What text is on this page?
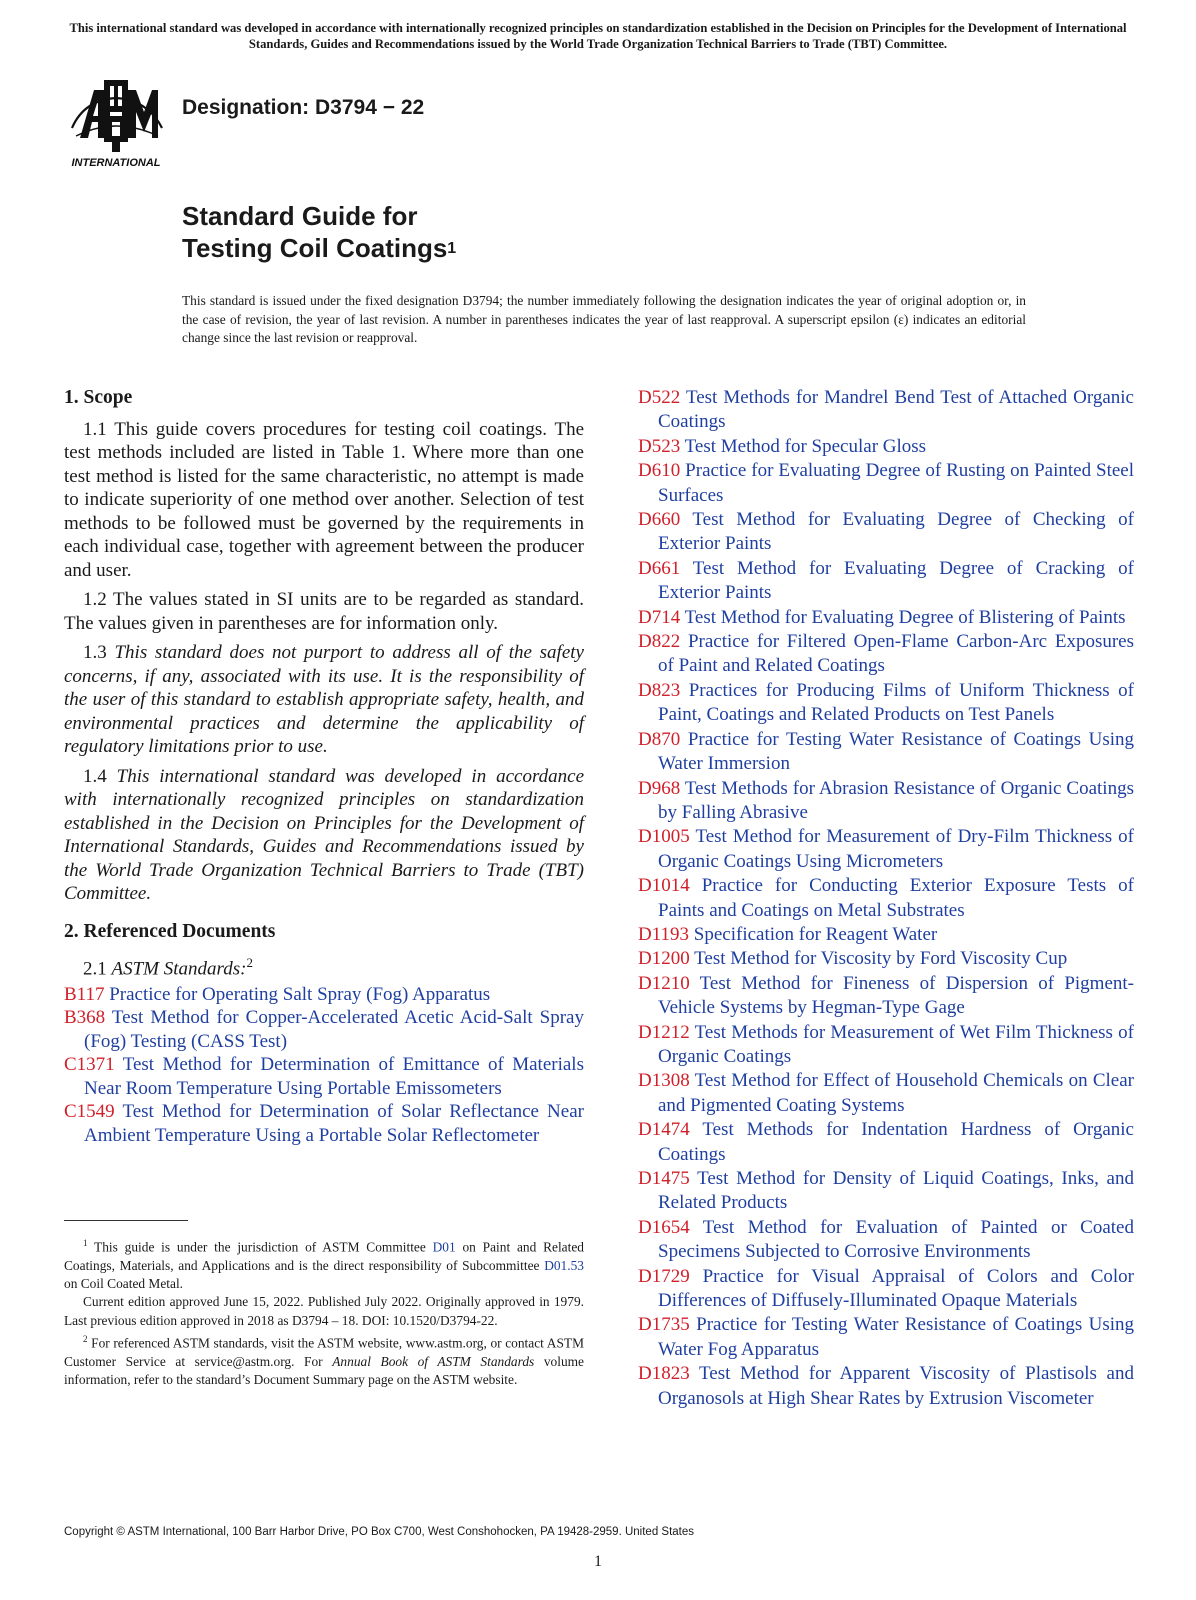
This international standard was developed in accordance with internationally recognized principles on standardization established in the Decision on Principles for the Development of International Standards, Guides and Recommendations issued by the World Trade Organization Technical Barriers to Trade (TBT) Committee.
INTERNATIONAL
Designation: D3794 − 22
Standard Guide for
Testing Coil Coatings$^1$
This standard is issued under the fixed designation D3794; the number immediately following the designation indicates the year of original adoption or, in the case of revision, the year of last revision. A number in parentheses indicates the year of last reapproval. A superscript epsilon (ε) indicates an editorial change since the last revision or reapproval.
1. Scope

1.1 This guide covers procedures for testing coil coatings. The test methods included are listed in Table 1. Where more than one test method is listed for the same characteristic, no attempt is made to indicate superiority of one method over another. Selection of test methods to be followed must be governed by the requirements in each individual case, together with agreement between the producer and user.

1.2 The values stated in SI units are to be regarded as standard. The values given in parentheses are for information only.

1.3 This standard does not purport to address all of the safety concerns, if any, associated with its use. It is the responsibility of the user of this standard to establish appropriate safety, health, and environmental practices and determine the applicability of regulatory limitations prior to use.

1.4 This international standard was developed in accordance with internationally recognized principles on standardization established in the Decision on Principles for the Development of International Standards, Guides and Recommendations issued by the World Trade Organization Technical Barriers to Trade (TBT) Committee.

2. Referenced Documents
2.1 ASTM Standards:$^2$

B117 Practice for Operating Salt Spray (Fog) Apparatus

B368 Test Method for Copper-Accelerated Acetic Acid-Salt Spray (Fog) Testing (CASS Test)

C1371 Test Method for Determination of Emittance of Materials Near Room Temperature Using Portable Emissometers

C1549 Test Method for Determination of Solar Reflectance Near Ambient Temperature Using a Portable Solar Reflectometer

D522 Test Methods for Mandrel Bend Test of Attached Organic Coatings

D523 Test Method for Specular Gloss

D610 Practice for Evaluating Degree of Rusting on Painted Steel Surfaces

D660 Test Method for Evaluating Degree of Checking of Exterior Paints

D661 Test Method for Evaluating Degree of Cracking of Exterior Paints

D714 Test Method for Evaluating Degree of Blistering of Paints

D822 Practice for Filtered Open-Flame Carbon-Arc Exposures of Paint and Related Coatings

D823 Practices for Producing Films of Uniform Thickness of Paint, Coatings and Related Products on Test Panels

D870 Practice for Testing Water Resistance of Coatings Using Water Immersion

D968 Test Methods for Abrasion Resistance of Organic Coatings by Falling Abrasive

D1005 Test Method for Measurement of Dry-Film Thickness of Organic Coatings Using Micrometers

D1014 Practice for Conducting Exterior Exposure Tests of Paints and Coatings on Metal Substrates

D1193 Specification for Reagent Water

D1200 Test Method for Viscosity by Ford Viscosity Cup

D1210 Test Method for Fineness of Dispersion of Pigment-Vehicle Systems by Hegman-Type Gage

D1212 Test Methods for Measurement of Wet Film Thickness of Organic Coatings

D1308 Test Method for Effect of Household Chemicals on Clear and Pigmented Coating Systems

D1474 Test Methods for Indentation Hardness of Organic Coatings

D1475 Test Method for Density of Liquid Coatings, Inks, and Related Products

D1654 Test Method for Evaluation of Painted or Coated Specimens Subjected to Corrosive Environments

D1729 Practice for Visual Appraisal of Colors and Color Differences of Diffusely-Illuminated Opaque Materials

D1735 Practice for Testing Water Resistance of Coatings Using Water Fog Apparatus

D1823 Test Method for Apparent Viscosity of Plastisols and Organosols at High Shear Rates by Extrusion Viscometer

$^1$ This guide is under the jurisdiction of ASTM Committee D01 on Paint and Related Coatings, Materials, and Applications and is the direct responsibility of Subcommittee D01.53 on Coil Coated Metal.

Current edition approved June 15, 2022. Published July 2022. Originally approved in 1979. Last previous edition approved in 2018 as D3794 – 18. DOI: 10.1520/D3794-22.

$^2$ For referenced ASTM standards, visit the ASTM website, www.astm.org, or contact ASTM Customer Service at service@astm.org. For Annual Book of ASTM Standards volume information, refer to the standard’s Document Summary page on the ASTM website.

Copyright © ASTM International, 100 Barr Harbor Drive, PO Box C700, West Conshohocken, PA 19428-2959. United States
1
